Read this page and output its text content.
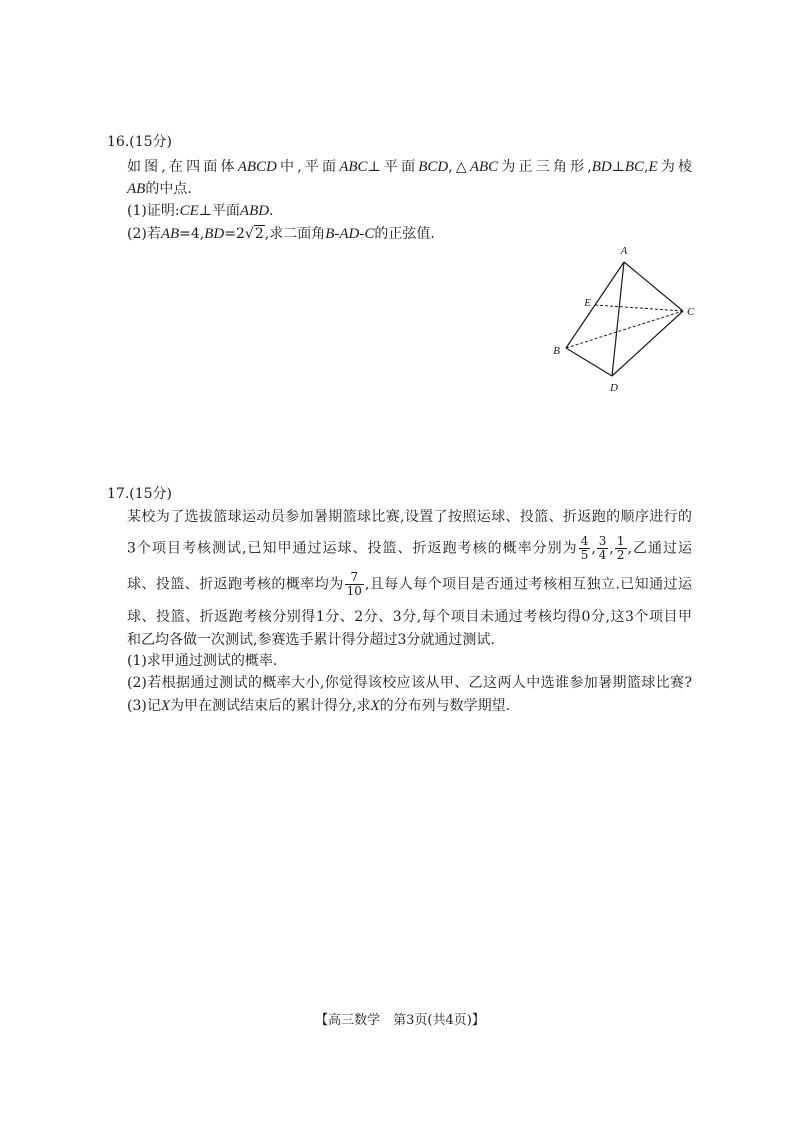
16.(15分)
如图,在四面体ABCD中,平面ABC⊥平面BCD,△ABC为正三角形,BD⊥BC,E为棱
AB的中点.
(1)证明:CE⊥平面ABD.
(2)若AB=4,BD=2√2,求二面角B-AD-C的正弦值.
A
E
C
B
D
17.(15分)
某校为了选拔篮球运动员参加暑期篮球比赛,设置了按照运球、投篮、折返跑的顺序进行的
3个项目考核测试,已知甲通过运球、投篮、折返跑考核的概率分别为 $\frac{4}{5}$ , $\frac{3}{4}$ , $\frac{1}{2}$ ,乙通过运
球、投篮、折返跑考核的概率均为 $\frac{7}{10}$ ,且每人每个项目是否通过考核相互独立.已知通过运
球、投篮、折返跑考核分别得1分、2分、3分,每个项目未通过考核均得0分,这3个项目甲
和乙均各做一次测试,参赛选手累计得分超过3分就通过测试.
(1)求甲通过测试的概率.
(2)若根据通过测试的概率大小,你觉得该校应该从甲、乙这两人中选谁参加暑期篮球比赛?
(3)记X为甲在测试结束后的累计得分,求X的分布列与数学期望.
【高三数学　第3页(共4页)】
